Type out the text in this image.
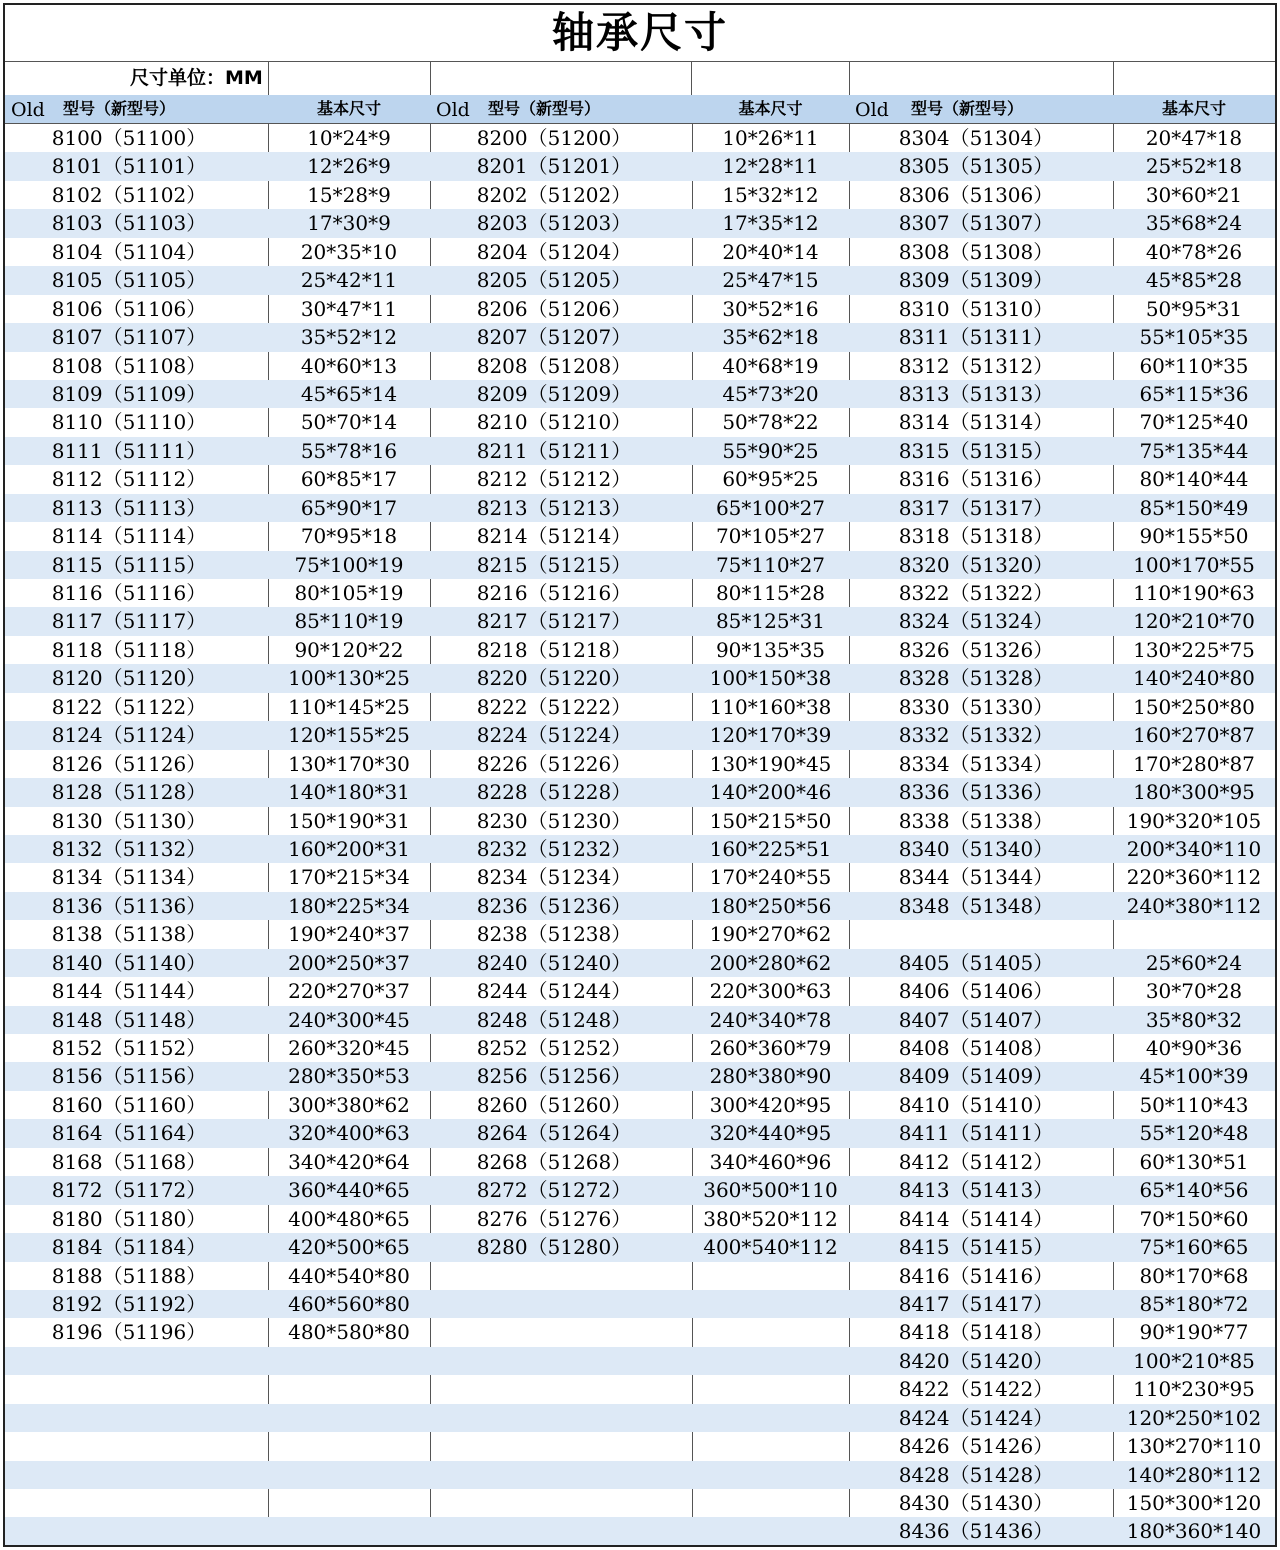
轴承尺寸
尺寸单位：MM
Old 型号（新型号）	基本尺寸
8100（51100）	10*24*9
8101（51101）	12*26*9
8102（51102）	15*28*9
8103（51103）	17*30*9
8104（51104）	20*35*10
8105（51105）	25*42*11
8106（51106）	30*47*11
8107（51107）	35*52*12
8108（51108）	40*60*13
8109（51109）	45*65*14
8110（51110）	50*70*14
8111（51111）	55*78*16
8112（51112）	60*85*17
8113（51113）	65*90*17
8114（51114）	70*95*18
8115（51115）	75*100*19
8116（51116）	80*105*19
8117（51117）	85*110*19
8118（51118）	90*120*22
8120（51120）	100*130*25
8122（51122）	110*145*25
8124（51124）	120*155*25
8126（51126）	130*170*30
8128（51128）	140*180*31
8130（51130）	150*190*31
8132（51132）	160*200*31
8134（51134）	170*215*34
8136（51136）	180*225*34
8138（51138）	190*240*37
8140（51140）	200*250*37
8144（51144）	220*270*37
8148（51148）	240*300*45
8152（51152）	260*320*45
8156（51156）	280*350*53
8160（51160）	300*380*62
8164（51164）	320*400*63
8168（51168）	340*420*64
8172（51172）	360*440*65
8180（51180）	400*480*65
8184（51184）	420*500*65
8188（51188）	440*540*80
8192（51192）	460*560*80
8196（51196）	480*580*80
Old 型号（新型号）	基本尺寸
8200（51200）	10*26*11
8201（51201）	12*28*11
8202（51202）	15*32*12
8203（51203）	17*35*12
8204（51204）	20*40*14
8205（51205）	25*47*15
8206（51206）	30*52*16
8207（51207）	35*62*18
8208（51208）	40*68*19
8209（51209）	45*73*20
8210（51210）	50*78*22
8211（51211）	55*90*25
8212（51212）	60*95*25
8213（51213）	65*100*27
8214（51214）	70*105*27
8215（51215）	75*110*27
8216（51216）	80*115*28
8217（51217）	85*125*31
8218（51218）	90*135*35
8220（51220）	100*150*38
8222（51222）	110*160*38
8224（51224）	120*170*39
8226（51226）	130*190*45
8228（51228）	140*200*46
8230（51230）	150*215*50
8232（51232）	160*225*51
8234（51234）	170*240*55
8236（51236）	180*250*56
8238（51238）	190*270*62
8240（51240）	200*280*62
8244（51244）	220*300*63
8248（51248）	240*340*78
8252（51252）	260*360*79
8256（51256）	280*380*90
8260（51260）	300*420*95
8264（51264）	320*440*95
8268（51268）	340*460*96
8272（51272）	360*500*110
8276（51276）	380*520*112
8280（51280）	400*540*112
Old 型号（新型号）	基本尺寸
8304（51304）	20*47*18
8305（51305）	25*52*18
8306（51306）	30*60*21
8307（51307）	35*68*24
8308（51308）	40*78*26
8309（51309）	45*85*28
8310（51310）	50*95*31
8311（51311）	55*105*35
8312（51312）	60*110*35
8313（51313）	65*115*36
8314（51314）	70*125*40
8315（51315）	75*135*44
8316（51316）	80*140*44
8317（51317）	85*150*49
8318（51318）	90*155*50
8320（51320）	100*170*55
8322（51322）	110*190*63
8324（51324）	120*210*70
8326（51326）	130*225*75
8328（51328）	140*240*80
8330（51330）	150*250*80
8332（51332）	160*270*87
8334（51334）	170*280*87
8336（51336）	180*300*95
8338（51338）	190*320*105
8340（51340）	200*340*110
8344（51344）	220*360*112
8348（51348）	240*380*112
8405（51405）	25*60*24
8406（51406）	30*70*28
8407（51407）	35*80*32
8408（51408）	40*90*36
8409（51409）	45*100*39
8410（51410）	50*110*43
8411（51411）	55*120*48
8412（51412）	60*130*51
8413（51413）	65*140*56
8414（51414）	70*150*60
8415（51415）	75*160*65
8416（51416）	80*170*68
8417（51417）	85*180*72
8418（51418）	90*190*77
8420（51420）	100*210*85
8422（51422）	110*230*95
8424（51424）	120*250*102
8426（51426）	130*270*110
8428（51428）	140*280*112
8430（51430）	150*300*120
8436（51436）	180*360*140
